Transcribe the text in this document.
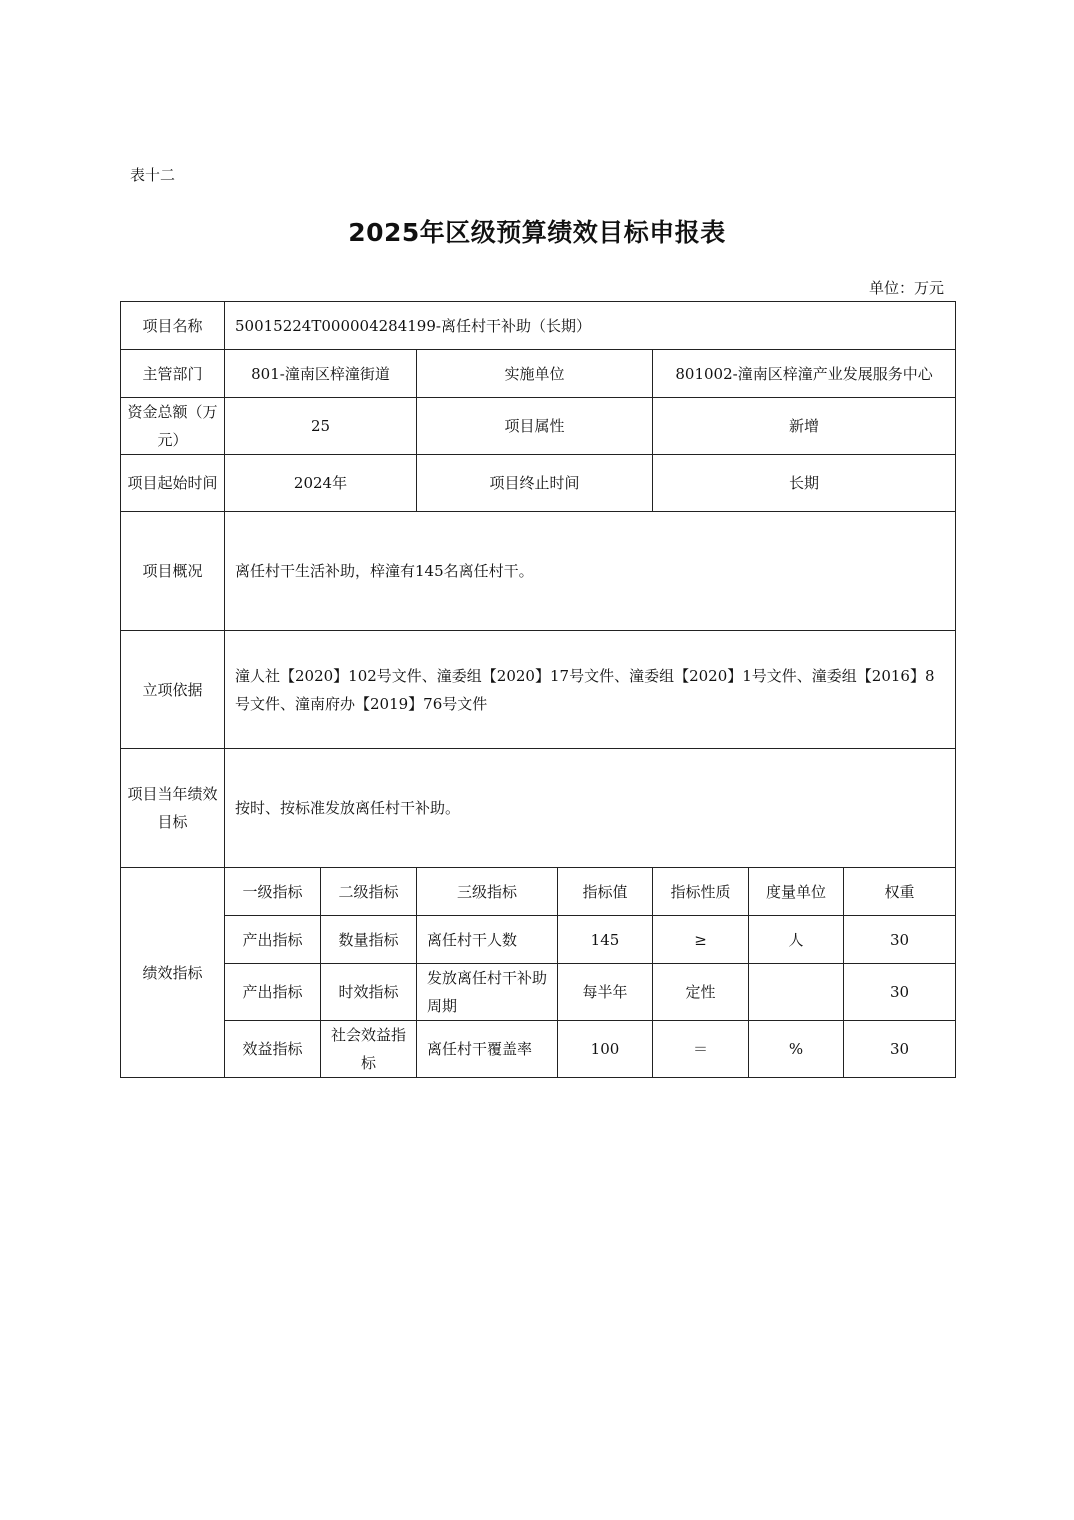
表十二
2025年区级预算绩效目标申报表
单位：万元
项目名称	50015224T000004284199-离任村干补助（长期）						
主管部门	801-潼南区梓潼街道		实施单位		801002-潼南区梓潼产业发展服务中心		
资金总额（万元）	25		项目属性		新增		
项目起始时间	2024年		项目终止时间		长期		
项目概况	离任村干生活补助，梓潼有145名离任村干。						
立项依据	潼人社【2020】102号文件、潼委组【2020】17号文件、潼委组【2020】1号文件、潼委组【2016】8号文件、潼南府办【2019】76号文件						
项目当年绩效目标	按时、按标准发放离任村干补助。						
绩效指标	一级指标	二级指标	三级指标	指标值	指标性质	度量单位	权重
	产出指标	数量指标	离任村干人数	145	≥	人	30
	产出指标	时效指标	发放离任村干补助周期	每半年	定性		30
	效益指标	社会效益指标	离任村干覆盖率	100	＝	%	30
